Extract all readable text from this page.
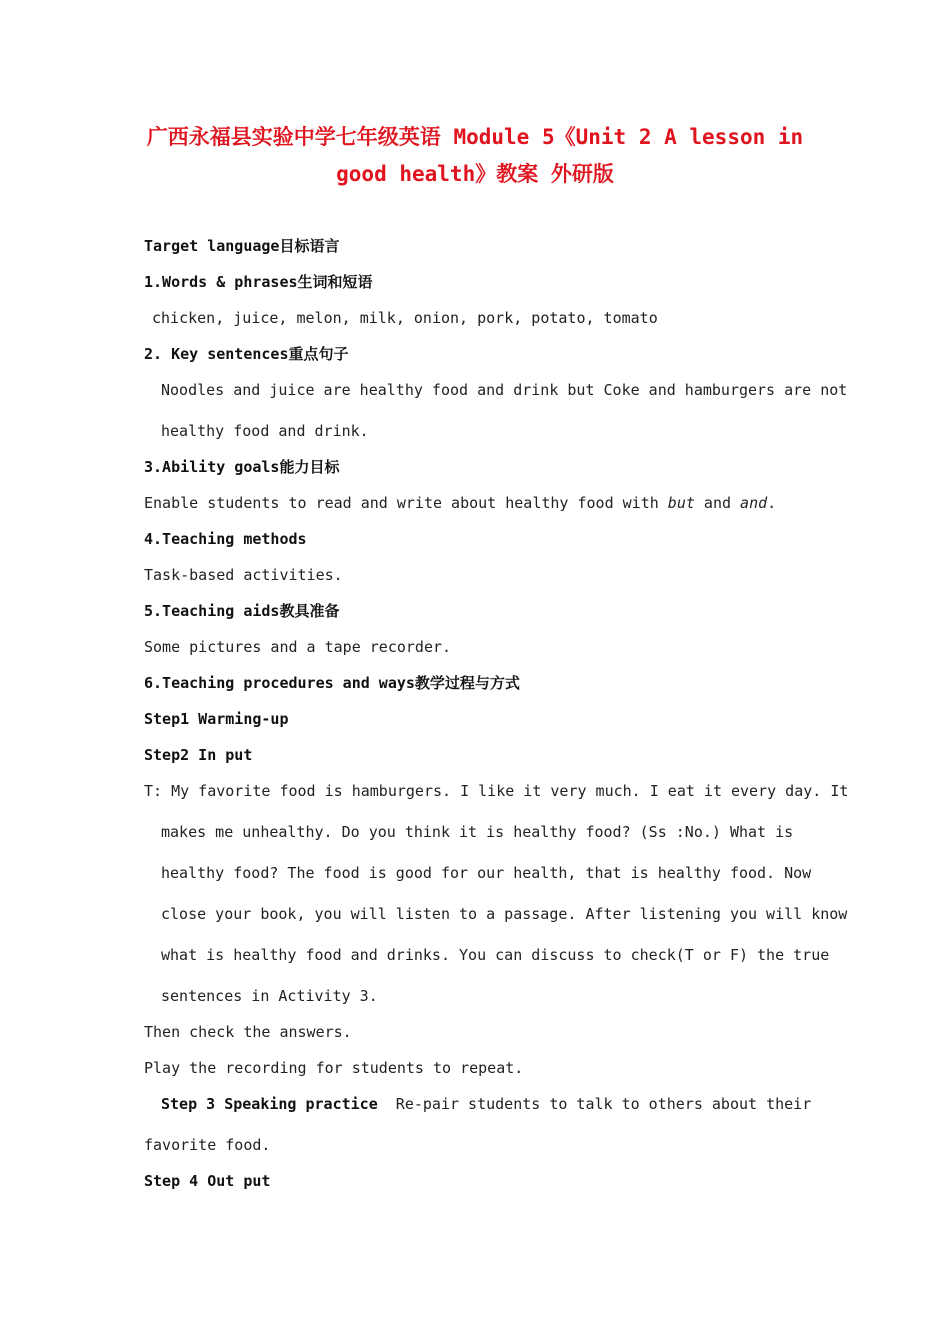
广西永福县实验中学七年级英语 Module 5《Unit 2 A lesson in
good health》教案 外研版
Target language目标语言
1.Words & phrases生词和短语
chicken, juice, melon, milk, onion, pork, potato, tomato
2. Key sentences重点句子
Noodles and juice are healthy food and drink but Coke and hamburgers are not
healthy food and drink.
3.Ability goals能力目标
Enable students to read and write about healthy food with but and and.
4.Teaching methods
Task-based activities.
5.Teaching aids教具准备
Some pictures and a tape recorder.
6.Teaching procedures and ways教学过程与方式
Step1 Warming-up
Step2 In put
T: My favorite food is hamburgers. I like it very much. I eat it every day. It
makes me unhealthy. Do you think it is healthy food? (Ss :No.) What is
healthy food? The food is good for our health, that is healthy food. Now
close your book, you will listen to a passage. After listening you will know
what is healthy food and drinks. You can discuss to check(T or F) the true
sentences in Activity 3.
Then check the answers.
Play the recording for students to repeat.
Step 3 Speaking practice  Re-pair students to talk to others about their
favorite food.
Step 4 Out put
